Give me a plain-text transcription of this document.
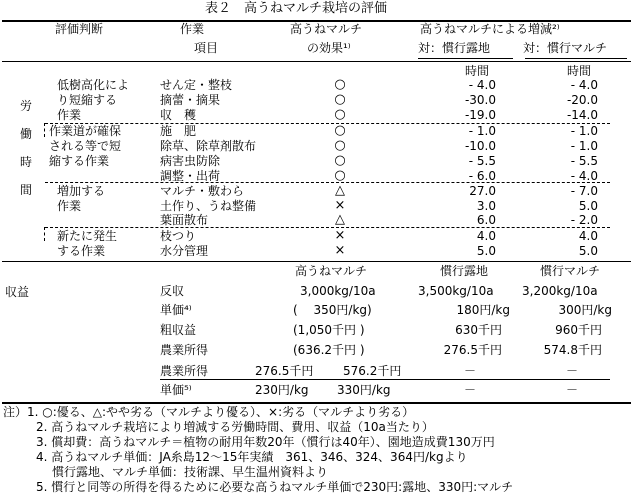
表２　高うねマルチ栽培の評価
評価判断	作業
項目
高うねマルチ
の効果¹⁾
高うねマルチによる増減²⁾
対：慣行露地	対：慣行マルチ
労
働
時
間
時間	時間
低樹高化によ
り短縮する
作業
作業道が確保
される等で短
縮する作業
増加する
作業
新たに発生
する作業
せん定・整枝	○	- 4.0	- 4.0
摘蕾・摘果	○	-30.0	-20.0
収　穫	○	-19.0	-14.0
施　肥	○	- 1.0	- 1.0
除草、除草剤散布	○	-10.0	- 1.0
病害虫防除	○	- 5.5	- 5.5
調整・出荷	○	- 6.0	- 4.0
マルチ・敷わら	△	27.0	- 7.0
土作り、うね整備	×	3.0	5.0
葉面散布	△	6.0	- 2.0
枝つり	×	4.0	4.0
水分管理	×	5.0	5.0
収益
高うねマルチ	慣行露地	慣行マルチ
反収	3,000kg/10a	3,500kg/10a 3,200kg/10a
単価⁴⁾	(　 350円/kg)	180円/kg	300円/kg
粗収益	(1,050千円 )	630千円	960千円
農業所得	(636.2千円 )	276.5千円	574.8千円
農業所得	276.5千円 576.2千円	－	－
単価⁵⁾	230円/kg 330円/kg	－	－
注）1. ○:優る、△:やや劣る（マルチより優る）、×:劣る（マルチより劣る）
2. 高うねマルチ栽培により増減する労働時間、費用、収益（10a当たり）
3. 償却費：高うねマルチ＝植物の耐用年数20年（慣行は40年）、園地造成費130万円
4. 高うねマルチ単価：JA糸島12～15年実績　361、346、324、364円/kgより
慣行露地、マルチ単価：技術課、早生温州資料より
5. 慣行と同等の所得を得るために必要な高うねマルチ単価で230円:露地、330円:マルチ
